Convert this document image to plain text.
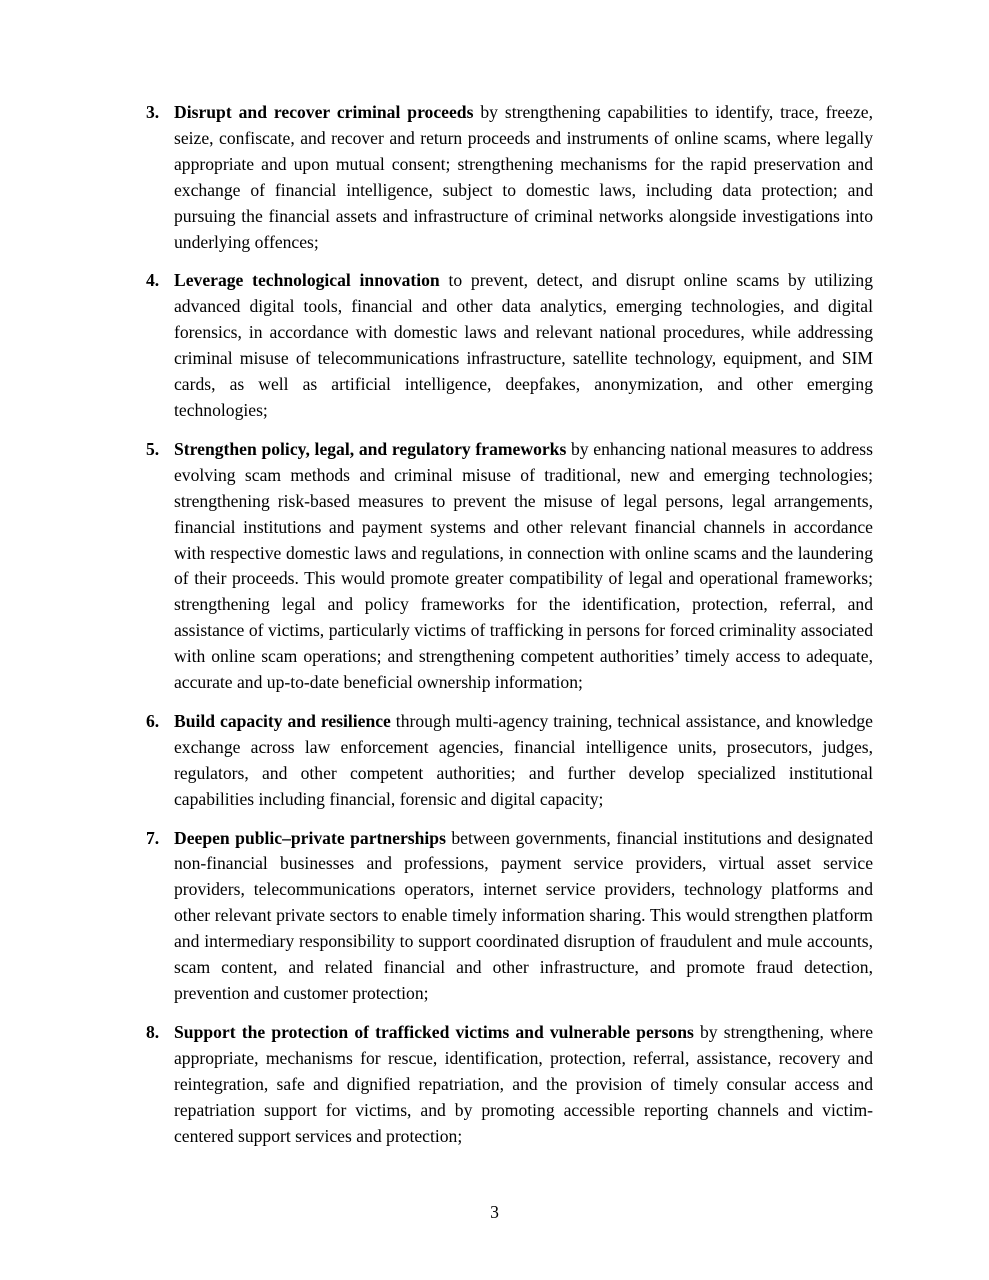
3. Disrupt and recover criminal proceeds by strengthening capabilities to identify, trace, freeze, seize, confiscate, and recover and return proceeds and instruments of online scams, where legally appropriate and upon mutual consent; strengthening mechanisms for the rapid preservation and exchange of financial intelligence, subject to domestic laws, including data protection; and pursuing the financial assets and infrastructure of criminal networks alongside investigations into underlying offences;
4. Leverage technological innovation to prevent, detect, and disrupt online scams by utilizing advanced digital tools, financial and other data analytics, emerging technologies, and digital forensics, in accordance with domestic laws and relevant national procedures, while addressing criminal misuse of telecommunications infrastructure, satellite technology, equipment, and SIM cards, as well as artificial intelligence, deepfakes, anonymization, and other emerging technologies;
5. Strengthen policy, legal, and regulatory frameworks by enhancing national measures to address evolving scam methods and criminal misuse of traditional, new and emerging technologies; strengthening risk-based measures to prevent the misuse of legal persons, legal arrangements, financial institutions and payment systems and other relevant financial channels in accordance with respective domestic laws and regulations, in connection with online scams and the laundering of their proceeds. This would promote greater compatibility of legal and operational frameworks; strengthening legal and policy frameworks for the identification, protection, referral, and assistance of victims, particularly victims of trafficking in persons for forced criminality associated with online scam operations; and strengthening competent authorities’ timely access to adequate, accurate and up-to-date beneficial ownership information;
6. Build capacity and resilience through multi-agency training, technical assistance, and knowledge exchange across law enforcement agencies, financial intelligence units, prosecutors, judges, regulators, and other competent authorities; and further develop specialized institutional capabilities including financial, forensic and digital capacity;
7. Deepen public–private partnerships between governments, financial institutions and designated non-financial businesses and professions, payment service providers, virtual asset service providers, telecommunications operators, internet service providers, technology platforms and other relevant private sectors to enable timely information sharing. This would strengthen platform and intermediary responsibility to support coordinated disruption of fraudulent and mule accounts, scam content, and related financial and other infrastructure, and promote fraud detection, prevention and customer protection;
8. Support the protection of trafficked victims and vulnerable persons by strengthening, where appropriate, mechanisms for rescue, identification, protection, referral, assistance, recovery and reintegration, safe and dignified repatriation, and the provision of timely consular access and repatriation support for victims, and by promoting accessible reporting channels and victim-centered support services and protection;
3
